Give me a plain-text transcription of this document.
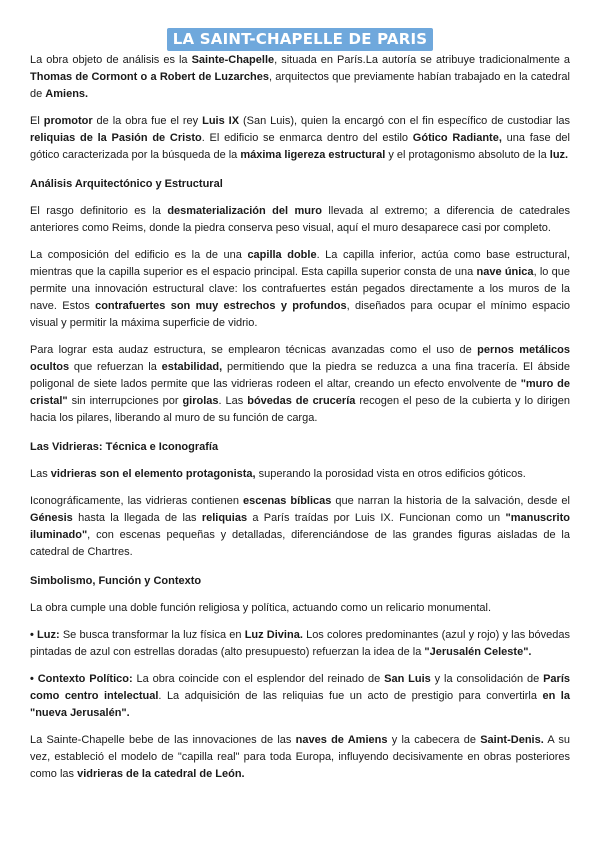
LA SAINT-CHAPELLE DE PARIS

La obra objeto de análisis es la Sainte-Chapelle, situada en París.La autoría se atribuye tradicionalmente a Thomas de Cormont o a Robert de Luzarches, arquitectos que previamente habían trabajado en la catedral de Amiens.

El promotor de la obra fue el rey Luis IX (San Luis), quien la encargó con el fin específico de custodiar las reliquias de la Pasión de Cristo. El edificio se enmarca dentro del estilo Gótico Radiante, una fase del gótico caracterizada por la búsqueda de la máxima ligereza estructural y el protagonismo absoluto de la luz.

Análisis Arquitectónico y Estructural

El rasgo definitorio es la desmaterialización del muro llevada al extremo; a diferencia de catedrales anteriores como Reims, donde la piedra conserva peso visual, aquí el muro desaparece casi por completo.

La composición del edificio es la de una capilla doble. La capilla inferior, actúa como base estructural, mientras que la capilla superior es el espacio principal. Esta capilla superior consta de una nave única, lo que permite una innovación estructural clave: los contrafuertes están pegados directamente a los muros de la nave. Estos contrafuertes son muy estrechos y profundos, diseñados para ocupar el mínimo espacio visual y permitir la máxima superficie de vidrio.

Para lograr esta audaz estructura, se emplearon técnicas avanzadas como el uso de pernos metálicos ocultos que refuerzan la estabilidad, permitiendo que la piedra se reduzca a una fina tracería. El ábside poligonal de siete lados permite que las vidrieras rodeen el altar, creando un efecto envolvente de "muro de cristal" sin interrupciones por girolas. Las bóvedas de crucería recogen el peso de la cubierta y lo dirigen hacia los pilares, liberando al muro de su función de carga.

Las Vidrieras: Técnica e Iconografía

Las vidrieras son el elemento protagonista, superando la porosidad vista en otros edificios góticos.

Iconográficamente, las vidrieras contienen escenas bíblicas que narran la historia de la salvación, desde el Génesis hasta la llegada de las reliquias a París traídas por Luis IX. Funcionan como un "manuscrito iluminado", con escenas pequeñas y detalladas, diferenciándose de las grandes figuras aisladas de la catedral de Chartres.

Simbolismo, Función y Contexto

La obra cumple una doble función religiosa y política, actuando como un relicario monumental.

• Luz: Se busca transformar la luz física en Luz Divina. Los colores predominantes (azul y rojo) y las bóvedas pintadas de azul con estrellas doradas (alto presupuesto) refuerzan la idea de la "Jerusalén Celeste".

• Contexto Político: La obra coincide con el esplendor del reinado de San Luis y la consolidación de París como centro intelectual. La adquisición de las reliquias fue un acto de prestigio para convertirla en la "nueva Jerusalén".

La Sainte-Chapelle bebe de las innovaciones de las naves de Amiens y la cabecera de Saint-Denis. A su vez, estableció el modelo de "capilla real" para toda Europa, influyendo decisivamente en obras posteriores como las vidrieras de la catedral de León.
